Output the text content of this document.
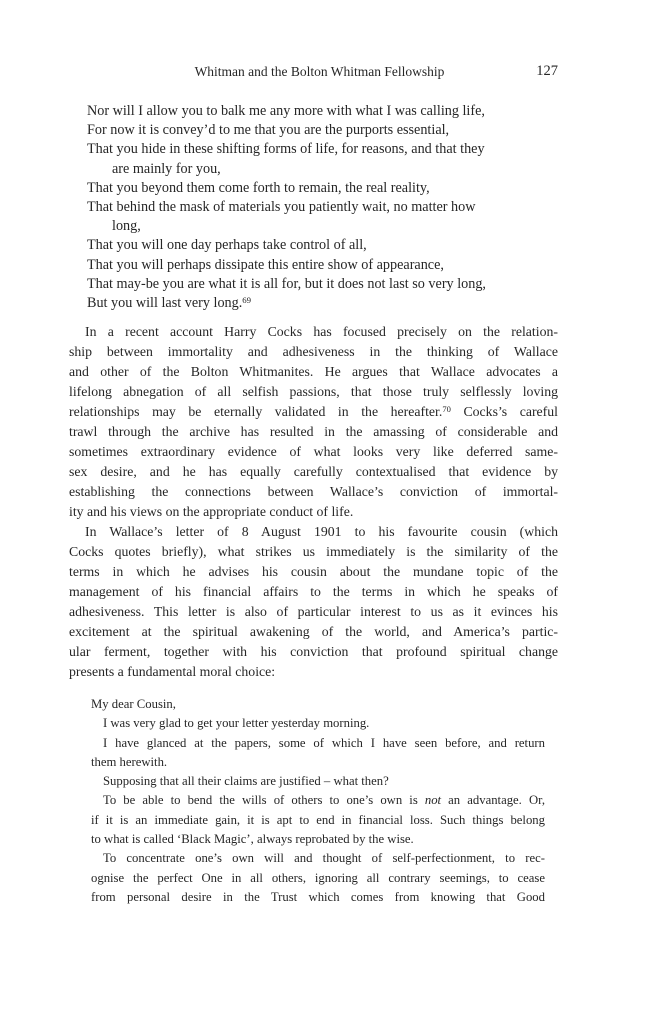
Whitman and the Bolton Whitman Fellowship	127
Nor will I allow you to balk me any more with what I was calling life,
For now it is convey’d to me that you are the purports essential,
That you hide in these shifting forms of life, for reasons, and that they
are mainly for you,
That you beyond them come forth to remain, the real reality,
That behind the mask of materials you patiently wait, no matter how
long,
That you will one day perhaps take control of all,
That you will perhaps dissipate this entire show of appearance,
That may-be you are what it is all for, but it does not last so very long,
But you will last very long.$^{69}$
In a recent account Harry Cocks has focused precisely on the relation-
ship between immortality and adhesiveness in the thinking of Wallace
and other of the Bolton Whitmanites. He argues that Wallace advocates a
lifelong abnegation of all selfish passions, that those truly selflessly loving
relationships may be eternally validated in the hereafter.$^{70}$ Cocks’s careful
trawl through the archive has resulted in the amassing of considerable and
sometimes extraordinary evidence of what looks very like deferred same-
sex desire, and he has equally carefully contextualised that evidence by
establishing the connections between Wallace’s conviction of immortal-
ity and his views on the appropriate conduct of life.
In Wallace’s letter of 8 August 1901 to his favourite cousin (which
Cocks quotes briefly), what strikes us immediately is the similarity of the
terms in which he advises his cousin about the mundane topic of the
management of his financial affairs to the terms in which he speaks of
adhesiveness. This letter is also of particular interest to us as it evinces his
excitement at the spiritual awakening of the world, and America’s partic-
ular ferment, together with his conviction that profound spiritual change
presents a fundamental moral choice:
My dear Cousin,
I was very glad to get your letter yesterday morning.
I have glanced at the papers, some of which I have seen before, and return
them herewith.
Supposing that all their claims are justified – what then?
To be able to bend the wills of others to one’s own is not an advantage. Or,
if it is an immediate gain, it is apt to end in financial loss. Such things belong
to what is called ‘Black Magic’, always reprobated by the wise.
To concentrate one’s own will and thought of self-perfectionment, to rec-
ognise the perfect One in all others, ignoring all contrary seemings, to cease
from personal desire in the Trust which comes from knowing that Good
